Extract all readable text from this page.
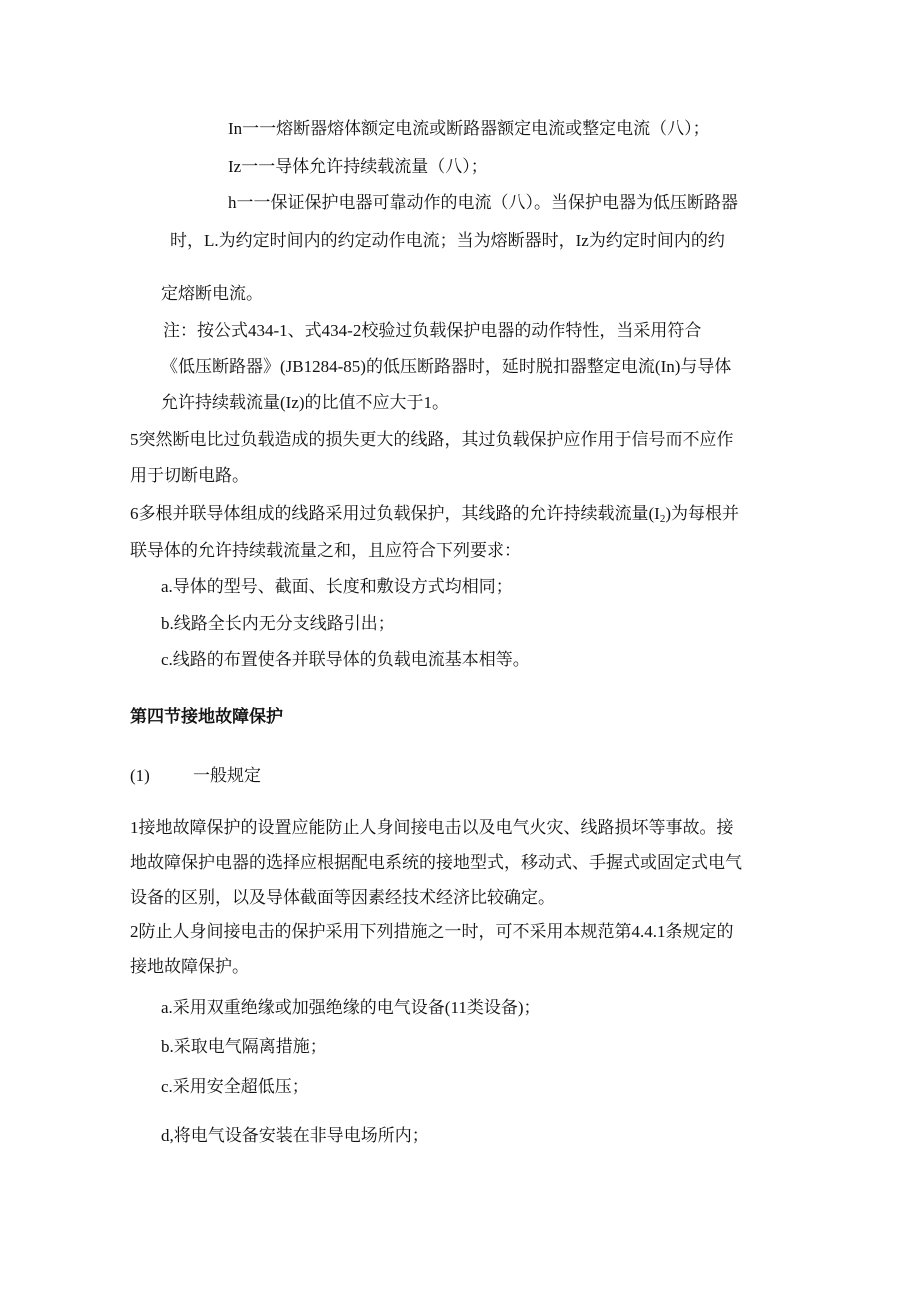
In一一熔断器熔体额定电流或断路器额定电流或整定电流（八）；
Iz一一导体允许持续载流量（八）；
h一一保证保护电器可靠动作的电流（八）。当保护电器为低压断路器
时，L.为约定时间内的约定动作电流；当为熔断器时，Iz为约定时间内的约
定熔断电流。
注：按公式434-1、式434-2校验过负载保护电器的动作特性，当采用符合
《低压断路器》(JB1284-85)的低压断路器时，延时脱扣器整定电流(In)与导体
允许持续载流量(Iz)的比值不应大于1。
5突然断电比过负载造成的损失更大的线路，其过负载保护应作用于信号而不应作
用于切断电路。
6多根并联导体组成的线路采用过负载保护，其线路的允许持续载流量$(I_2)$为每根并
联导体的允许持续载流量之和，且应符合下列要求：
a.导体的型号、截面、长度和敷设方式均相同；
b.线路全长内无分支线路引出；
c.线路的布置使各并联导体的负载电流基本相等。
第四节接地故障保护
(1)	一般规定
1接地故障保护的设置应能防止人身间接电击以及电气火灾、线路损坏等事故。接
地故障保护电器的选择应根据配电系统的接地型式，移动式、手握式或固定式电气
设备的区别，以及导体截面等因素经技术经济比较确定。
2防止人身间接电击的保护采用下列措施之一时，可不采用本规范第4.4.1条规定的
接地故障保护。
a.采用双重绝缘或加强绝缘的电气设备(11类设备)；
b.采取电气隔离措施；
c.采用安全超低压；
d,将电气设备安装在非导电场所内；
